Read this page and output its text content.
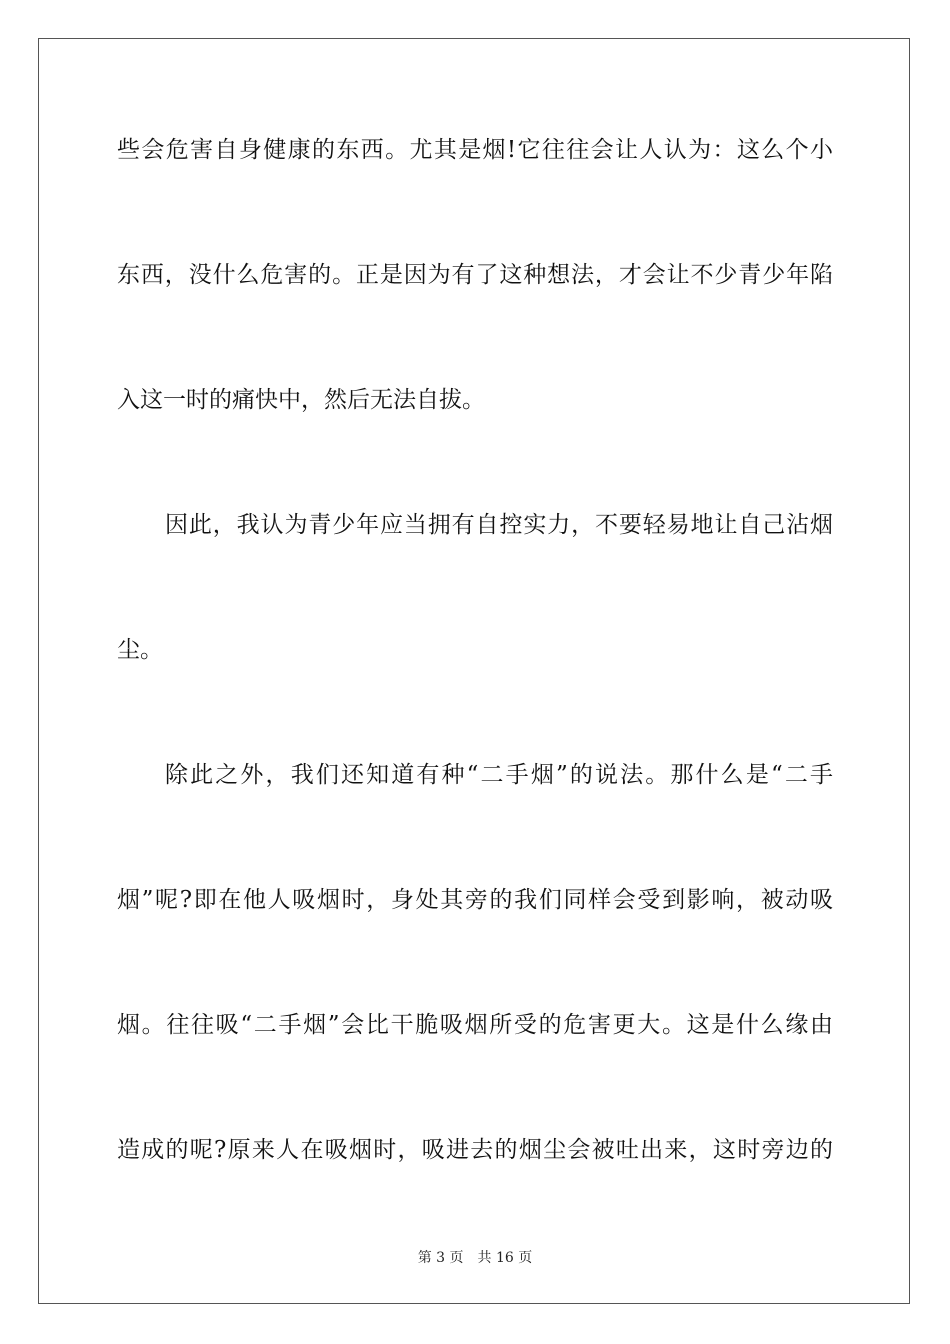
些会危害自身健康的东西。尤其是烟!它往往会让人认为：这么个小

东西，没什么危害的。正是因为有了这种想法，才会让不少青少年陷

入这一时的痛快中，然后无法自拔。

因此，我认为青少年应当拥有自控实力，不要轻易地让自己沾烟

尘。

除此之外，我们还知道有种“二手烟”的说法。那什么是“二手

烟”呢?即在他人吸烟时，身处其旁的我们同样会受到影响，被动吸

烟。往往吸“二手烟”会比干脆吸烟所受的危害更大。这是什么缘由

造成的呢?原来人在吸烟时，吸进去的烟尘会被吐出来，这时旁边的

第 3 页　共 16 页
